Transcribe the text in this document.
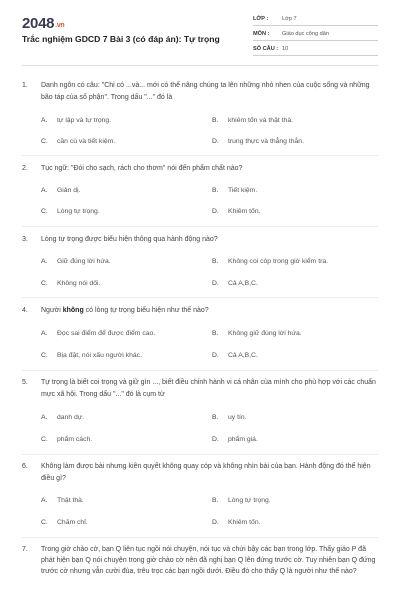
2048.vn
Trắc nghiệm GDCD 7 Bài 3 (có đáp án): Tự trọng
LỚP : Lớp 7
MÔN : Giáo dục công dân
SỐ CÂU : 10
1. Danh ngôn có câu: "Chỉ có ...và... mới có thể nâng chúng ta lên những nhỏ nhen của cuộc sống và những bão táp của số phận". Trong dấu "..." đó là
A. tự lập và tự trọng.	B. khiêm tốn và thật thà.
C. cần cù và tiết kiệm.	D. trung thực và thẳng thắn.
2. Tục ngữ: "Đói cho sạch, rách cho thơm" nói đến phẩm chất nào?
A. Giản dị.	B. Tiết kiệm.
C. Lòng tự trọng.	D. Khiêm tốn.
3. Lòng tự trọng được biểu hiện thông qua hành động nào?
A. Giữ đúng lời hứa.	B. Không coi cóp trong giờ kiểm tra.
C. Không nói dối.	D. Cả A,B,C.
4. Người không có lòng tự trọng biểu hiện như thế nào?
A. Đọc sai điểm để được điểm cao.	B. Không giữ đúng lời hứa.
C. Bịa đặt, nói xấu người khác.	D. Cả A,B,C.
5. Tự trọng là biết coi trọng và giữ gìn ..., biết điều chỉnh hành vi cá nhân của mình cho phù hợp với các chuẩn mực xã hội. Trong dấu "..." đó là cụm từ
A. danh dự.	B. uy tín.
C. phẩm cách.	D. phẩm giá.
6. Không làm được bài nhưng kiên quyết không quay cóp và không nhìn bài của bạn. Hành động đó thể hiện điều gì?
A. Thật thà.	B. Lòng tự trọng.
C. Chăm chỉ.	D. Khiêm tốn.
7. Trong giờ chào cờ, bạn Q liên tục ngồi nói chuyện, nói tục và chửi bậy các bạn trong lớp. Thấy giáo P đã phát hiện bạn Q nói chuyện trong giờ chào cờ nên đã nghị bạn Q lên đứng trước cờ. Tuy nhiên bạn Q đứng trước cờ nhưng vẫn cười đùa, trêu trọc các bạn ngồi dưới. Điều đó cho thấy Q là người như thế nào?
